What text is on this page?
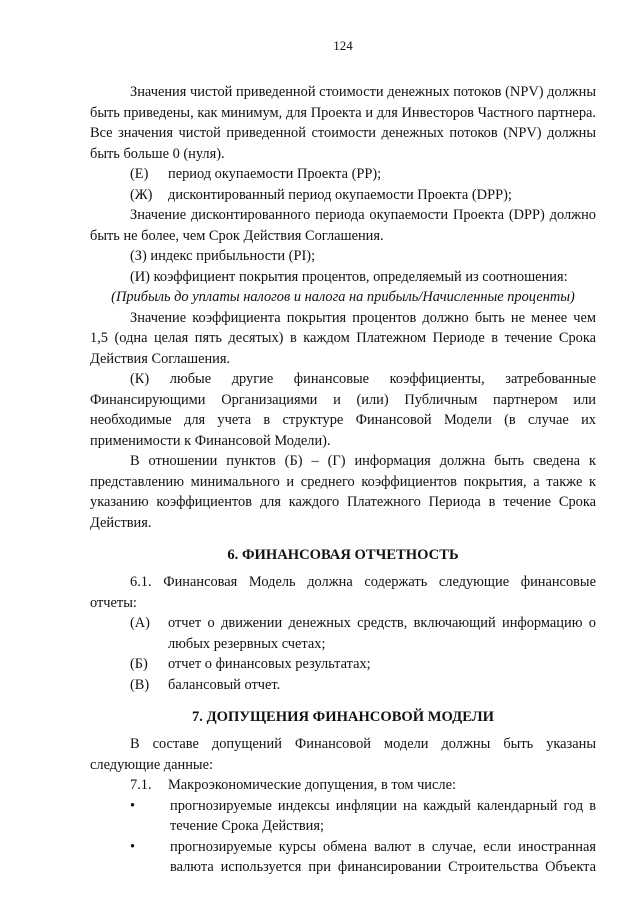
124

Значения чистой приведенной стоимости денежных потоков (NPV) должны быть приведены, как минимум, для Проекта и для Инвесторов Частного партнера. Все значения чистой приведенной стоимости денежных потоков (NPV) должны быть больше 0 (нуля).

(Е)	период окупаемости Проекта (PP);
(Ж)	дисконтированный период окупаемости Проекта (DPP);

Значение дисконтированного периода окупаемости Проекта (DPP) должно быть не более, чем Срок Действия Соглашения.

(З) индекс прибыльности (PI);

(И) коэффициент покрытия процентов, определяемый из соотношения:

(Прибыль до уплаты налогов и налога на прибыль/Начисленные проценты)

Значение коэффициента покрытия процентов должно быть не менее чем 1,5 (одна целая пять десятых) в каждом Платежном Периоде в течение Срока Действия Соглашения.

(К) любые другие финансовые коэффициенты, затребованные Финансирующими Организациями и (или) Публичным партнером или необходимые для учета в структуре Финансовой Модели (в случае их применимости к Финансовой Модели).

В отношении пунктов (Б) – (Г) информация должна быть сведена к представлению минимального и среднего коэффициентов покрытия, а также к указанию коэффициентов для каждого Платежного Периода в течение Срока Действия.

6. ФИНАНСОВАЯ ОТЧЕТНОСТЬ

6.1. Финансовая Модель должна содержать следующие финансовые отчеты:

(А)	отчет о движении денежных средств, включающий информацию о любых резервных счетах;
(Б)	отчет о финансовых результатах;
(В)	балансовый отчет.
7. ДОПУЩЕНИЯ ФИНАНСОВОЙ МОДЕЛИ

В составе допущений Финансовой модели должны быть указаны следующие данные:

7.1.	Макроэкономические допущения, в том числе:
•	прогнозируемые индексы инфляции на каждый календарный год в течение Срока Действия;
•	прогнозируемые курсы обмена валют в случае, если иностранная валюта используется при финансировании Строительства Объекта
